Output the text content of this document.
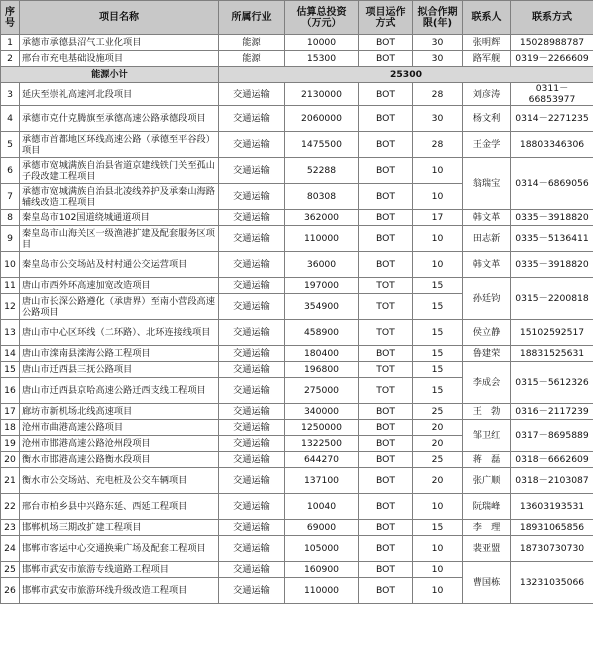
序号	项目名称	所属行业	估算总投资（万元）	项目运作方式	拟合作期限(年)	联系人	联系方式
1	承德市承德县沼气工业化项目	能源	10000	BOT	30	张明辉	15028988787
2	邢台市充电基础设施项目	能源	15300	BOT	30	路军舰	0319－2266609
能源小计		25300					
3	延庆至崇礼高速河北段项目	交通运输	2130000	BOT	28	刘彦涛	0311－66853977
4	承德市克什克腾旗至承德高速公路承德段项目	交通运输	2060000	BOT	30	杨文利	0314－2271235
5	承德市首都地区环线高速公路（承德至平谷段）项目	交通运输	1475500	BOT	28	王金学	18803346306
6	承德市宽城满族自治县省道京建线铁门关至孤山子段改建工程项目	交通运输	52288	BOT	10	翁瑞宝	0314－6869056
7	承德市宽城满族自治县北凌线养护及承秦山海路辅线改造工程项目	交通运输	80308	BOT	10		
8	秦皇岛市102国道绕城通道项目	交通运输	362000	BOT	17	韩文革	0335－3918820
9	秦皇岛市山海关区一级渔港扩建及配套服务区项目	交通运输	110000	BOT	10	田志新	0335－5136411
10	秦皇岛市公交场站及村村通公交运营项目	交通运输	36000	BOT	10	韩文革	0335－3918820
11	唐山市西外环高速加宽改造项目	交通运输	197000	TOT	15	孙廷钧	0315－2200818
12	唐山市长深公路遵化（承唐界）至南小营段高速公路项目	交通运输	354900	TOT	15		
13	唐山市中心区环线（二环路）、北环连接线项目	交通运输	458900	TOT	15	侯立静	15102592517
14	唐山市滦南县滦海公路工程项目	交通运输	180400	BOT	15	鲁建荣	18831525631
15	唐山市迁西县三抚公路项目	交通运输	196800	TOT	15	李成会	0315－5612326
16	唐山市迁西县京哈高速公路迁西支线工程项目	交通运输	275000	TOT	15		
17	廊坊市新机场北线高速项目	交通运输	340000	BOT	25	王　勃	0316－2117239
18	沧州市曲港高速公路项目	交通运输	1250000	BOT	20	邹卫红	0317－8695889
19	沧州市邯港高速公路沧州段项目	交通运输	1322500	BOT	20		
20	衡水市邯港高速公路衡水段项目	交通运输	644270	BOT	25	蒋　磊	0318－6662609
21	衡水市公交场站、充电桩及公交车辆项目	交通运输	137100	BOT	20	张广顺	0318－2103087
22	邢台市柏乡县中兴路东延、西延工程项目	交通运输	10040	BOT	10	阮瑞峰	13603193531
23	邯郸机场三期改扩建工程项目	交通运输	69000	BOT	15	李　理	18931065856
24	邯郸市客运中心交通换乘广场及配套工程项目	交通运输	105000	BOT	10	裴亚盟	18730730730
25	邯郸市武安市旅游专线道路工程项目	交通运输	160900	BOT	10	曹国栋	13231035066
26	邯郸市武安市旅游环线升级改造工程项目	交通运输	110000	BOT	10		
